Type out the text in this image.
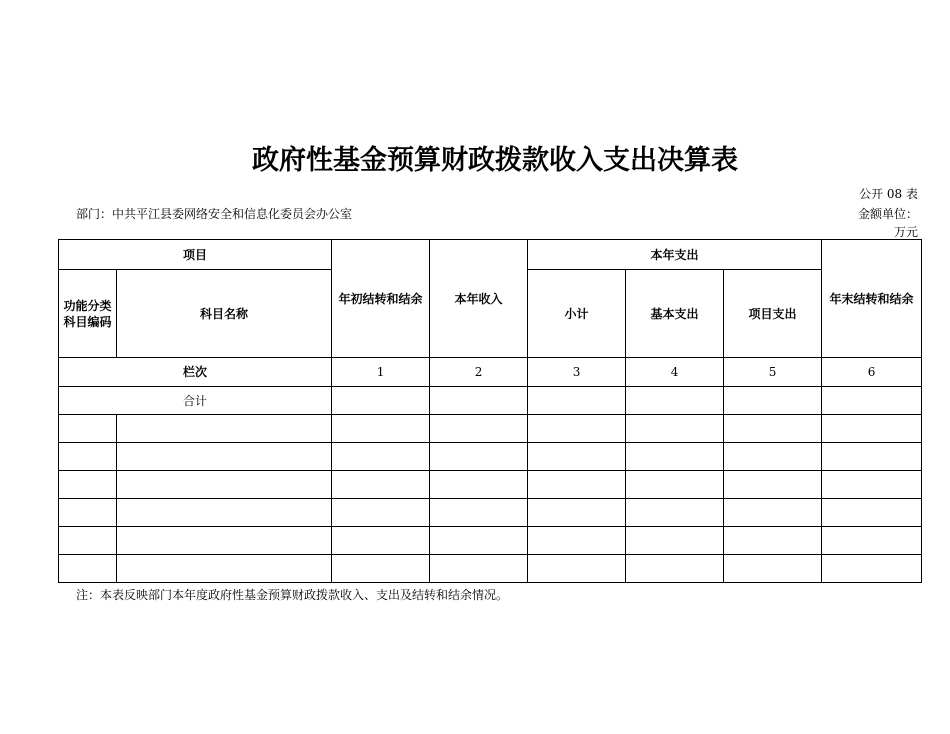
政府性基金预算财政拨款收入支出决算表
公开 08 表
金额单位：
万元
部门：中共平江县委网络安全和信息化委员会办公室
项目		年初结转和结余	本年收入	本年支出			年末结转和结余
功能分类
科目编码	科目名称			小计	基本支出	项目支出	
栏次		1	2	3	4	5	6
合计							

注：本表反映部门本年度政府性基金预算财政拨款收入、支出及结转和结余情况。
